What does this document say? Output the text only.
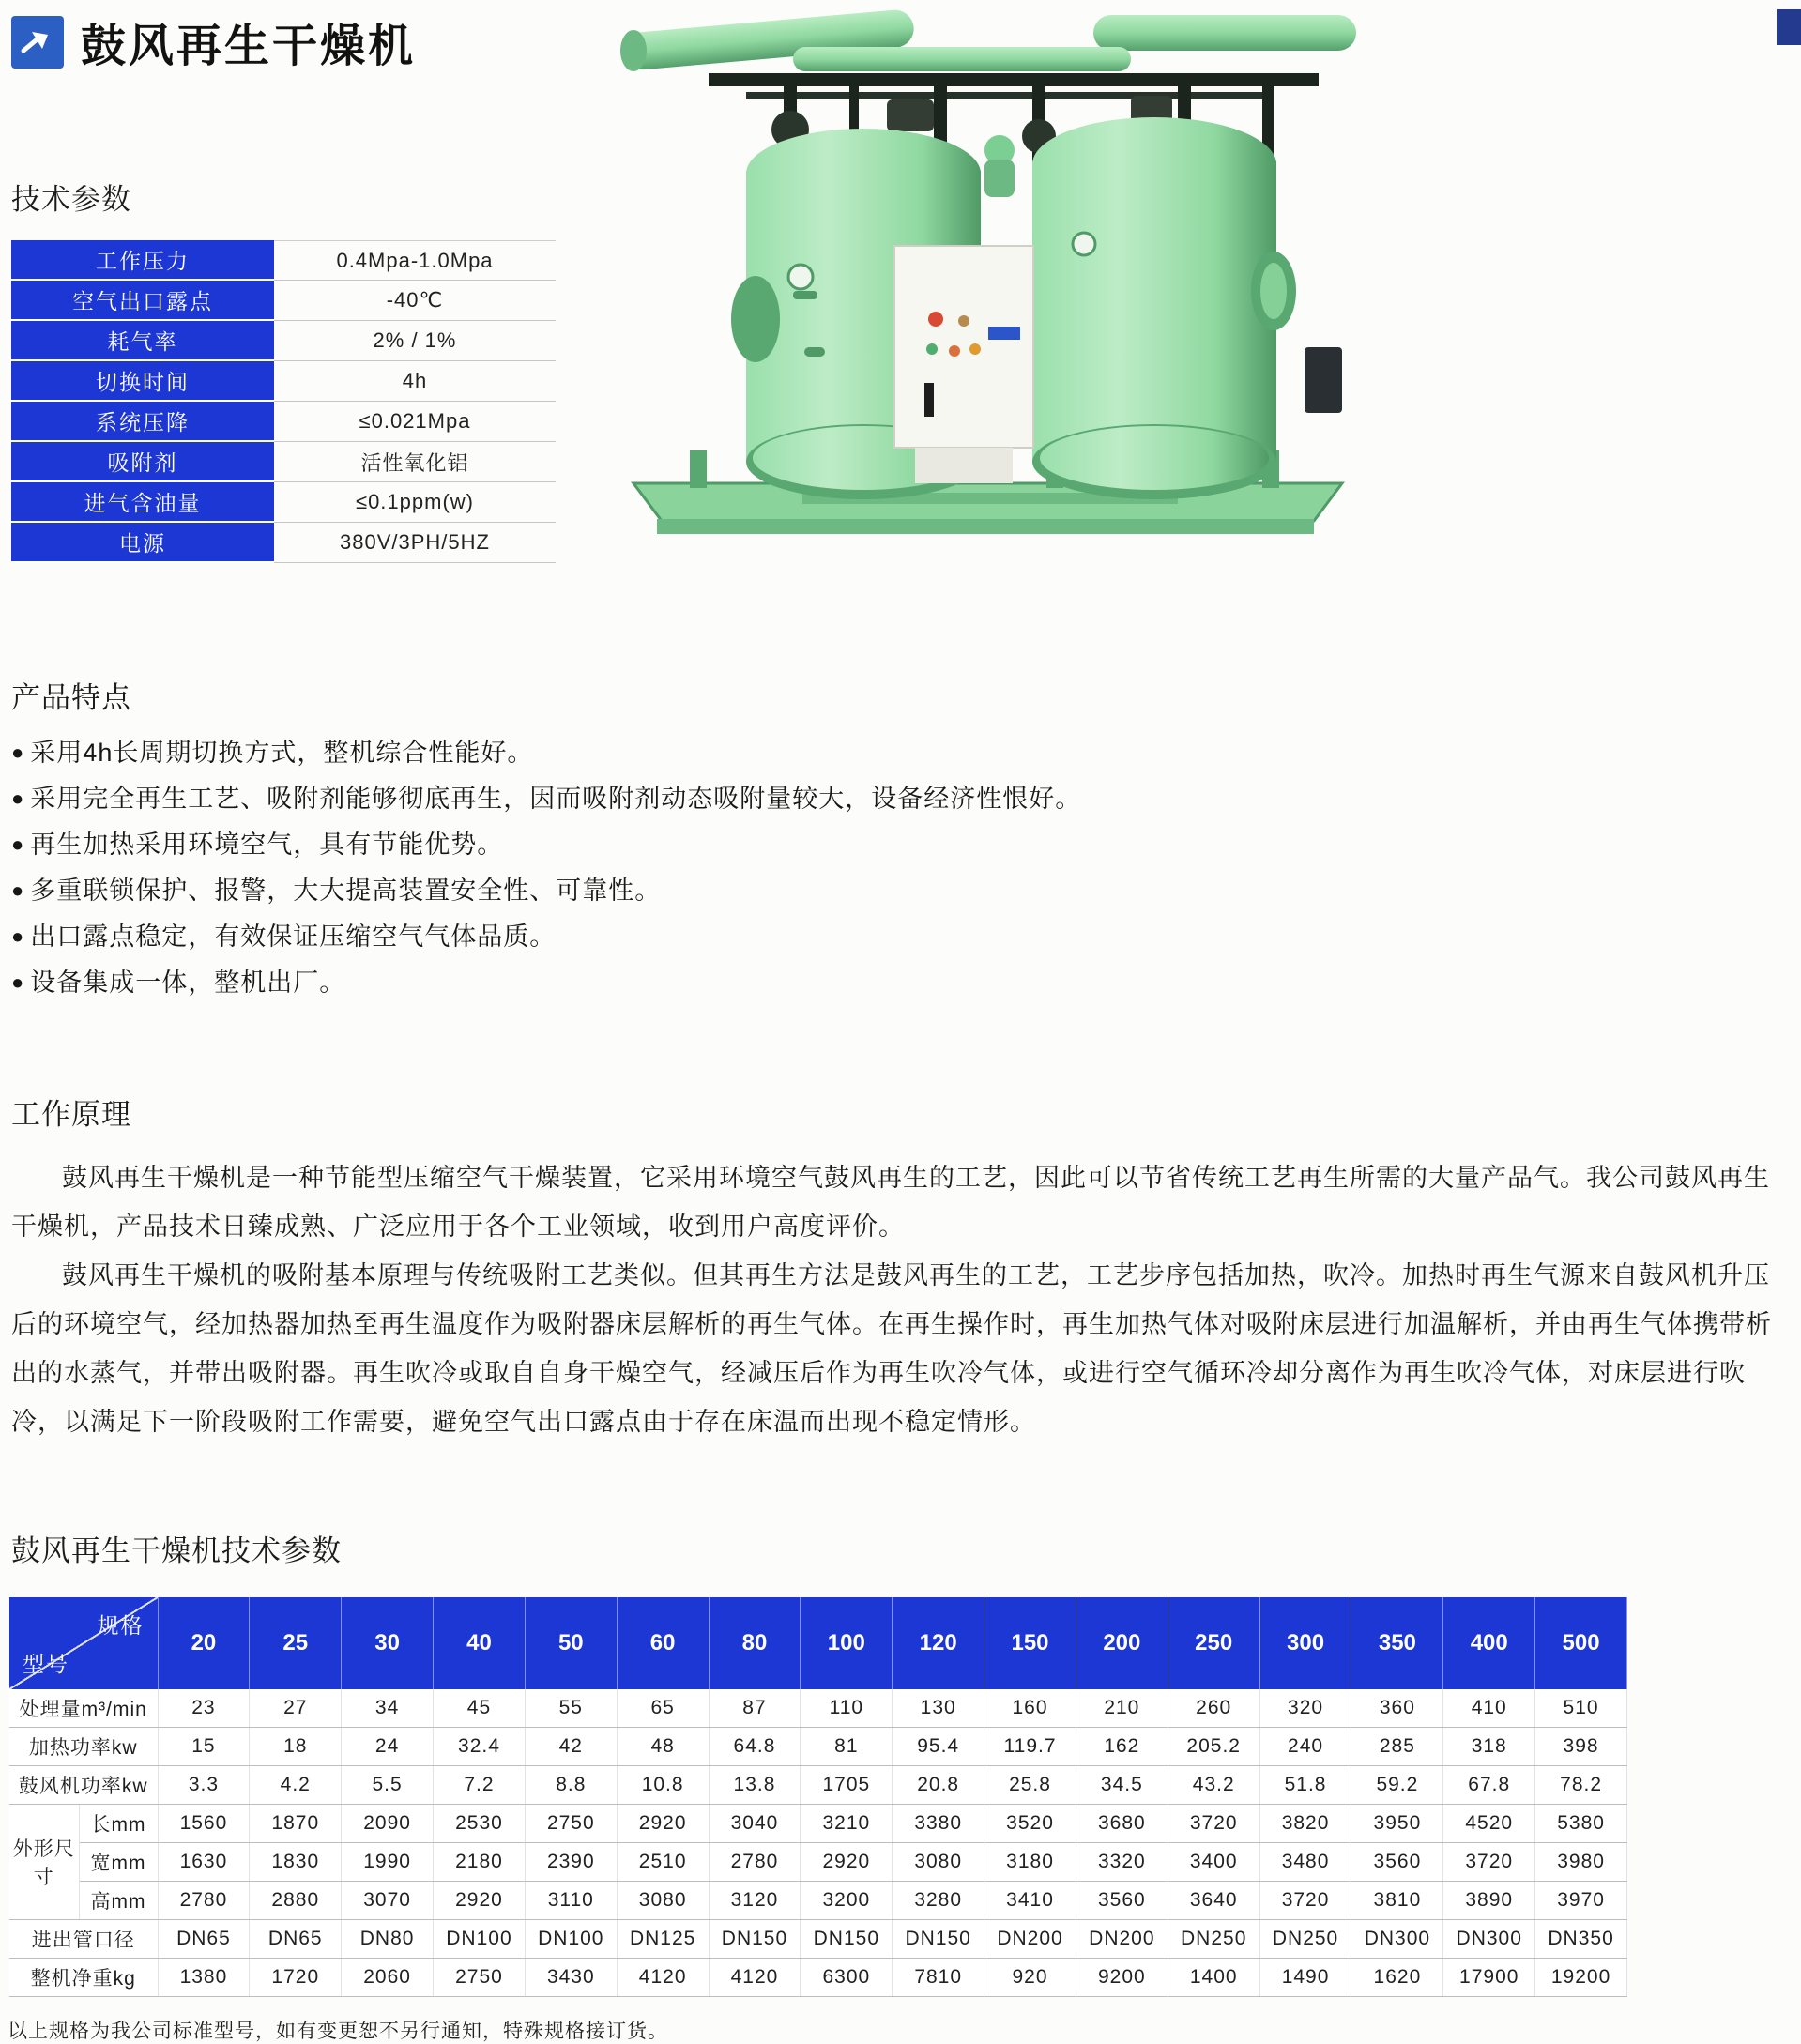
鼓风再生干燥机
技术参数
工作压力	0.4Mpa-1.0Mpa
空气出口露点	-40℃
耗气率	2% / 1%
切换时间	4h
系统压降	≤0.021Mpa
吸附剂	活性氧化铝
进气含油量	≤0.1ppm(w)
电源	380V/3PH/5HZ
产品特点
● 采用4h长周期切换方式，整机综合性能好。
● 采用完全再生工艺、吸附剂能够彻底再生，因而吸附剂动态吸附量较大，设备经济性恨好。
● 再生加热采用环境空气，具有节能优势。
● 多重联锁保护、报警，大大提高装置安全性、可靠性。
● 出口露点稳定，有效保证压缩空气气体品质。
● 设备集成一体，整机出厂。
工作原理

鼓风再生干燥机是一种节能型压缩空气干燥装置，它采用环境空气鼓风再生的工艺，因此可以节省传统工艺再生所需的大量产品气。我公司鼓风再生干燥机，产品技术日臻成熟、广泛应用于各个工业领域，收到用户高度评价。

鼓风再生干燥机的吸附基本原理与传统吸附工艺类似。但其再生方法是鼓风再生的工艺，工艺步序包括加热，吹冷。加热时再生气源来自鼓风机升压后的环境空气，经加热器加热至再生温度作为吸附器床层解析的再生气体。在再生操作时，再生加热气体对吸附床层进行加温解析，并由再生气体携带析出的水蒸气，并带出吸附器。再生吹冷或取自自身干燥空气，经减压后作为再生吹冷气体，或进行空气循环冷却分离作为再生吹冷气体，对床层进行吹冷，以满足下一阶段吸附工作需要，避免空气出口露点由于存在床温而出现不稳定情形。

鼓风再生干燥机技术参数
规格
型号		20	25	30	40	50	60	80	100	120	150	200	250	300	350	400	500
处理量m³/min		23	27	34	45	55	65	87	110	130	160	210	260	320	360	410	510
加热功率kw		15	18	24	32.4	42	48	64.8	81	95.4	119.7	162	205.2	240	285	318	398
鼓风机功率kw		3.3	4.2	5.5	7.2	8.8	10.8	13.8	1705	20.8	25.8	34.5	43.2	51.8	59.2	67.8	78.2
外形尺寸	长mm	1560	1870	2090	2530	2750	2920	3040	3210	3380	3520	3680	3720	3820	3950	4520	5380
	宽mm	1630	1830	1990	2180	2390	2510	2780	2920	3080	3180	3320	3400	3480	3560	3720	3980
	高mm	2780	2880	3070	2920	3110	3080	3120	3200	3280	3410	3560	3640	3720	3810	3890	3970
进出管口径		DN65	DN65	DN80	DN100	DN100	DN125	DN150	DN150	DN150	DN200	DN200	DN250	DN250	DN300	DN300	DN350
整机净重kg		1380	1720	2060	2750	3430	4120	4120	6300	7810	920	9200	1400	1490	1620	17900	19200

以上规格为我公司标准型号，如有变更恕不另行通知，特殊规格接订货。
